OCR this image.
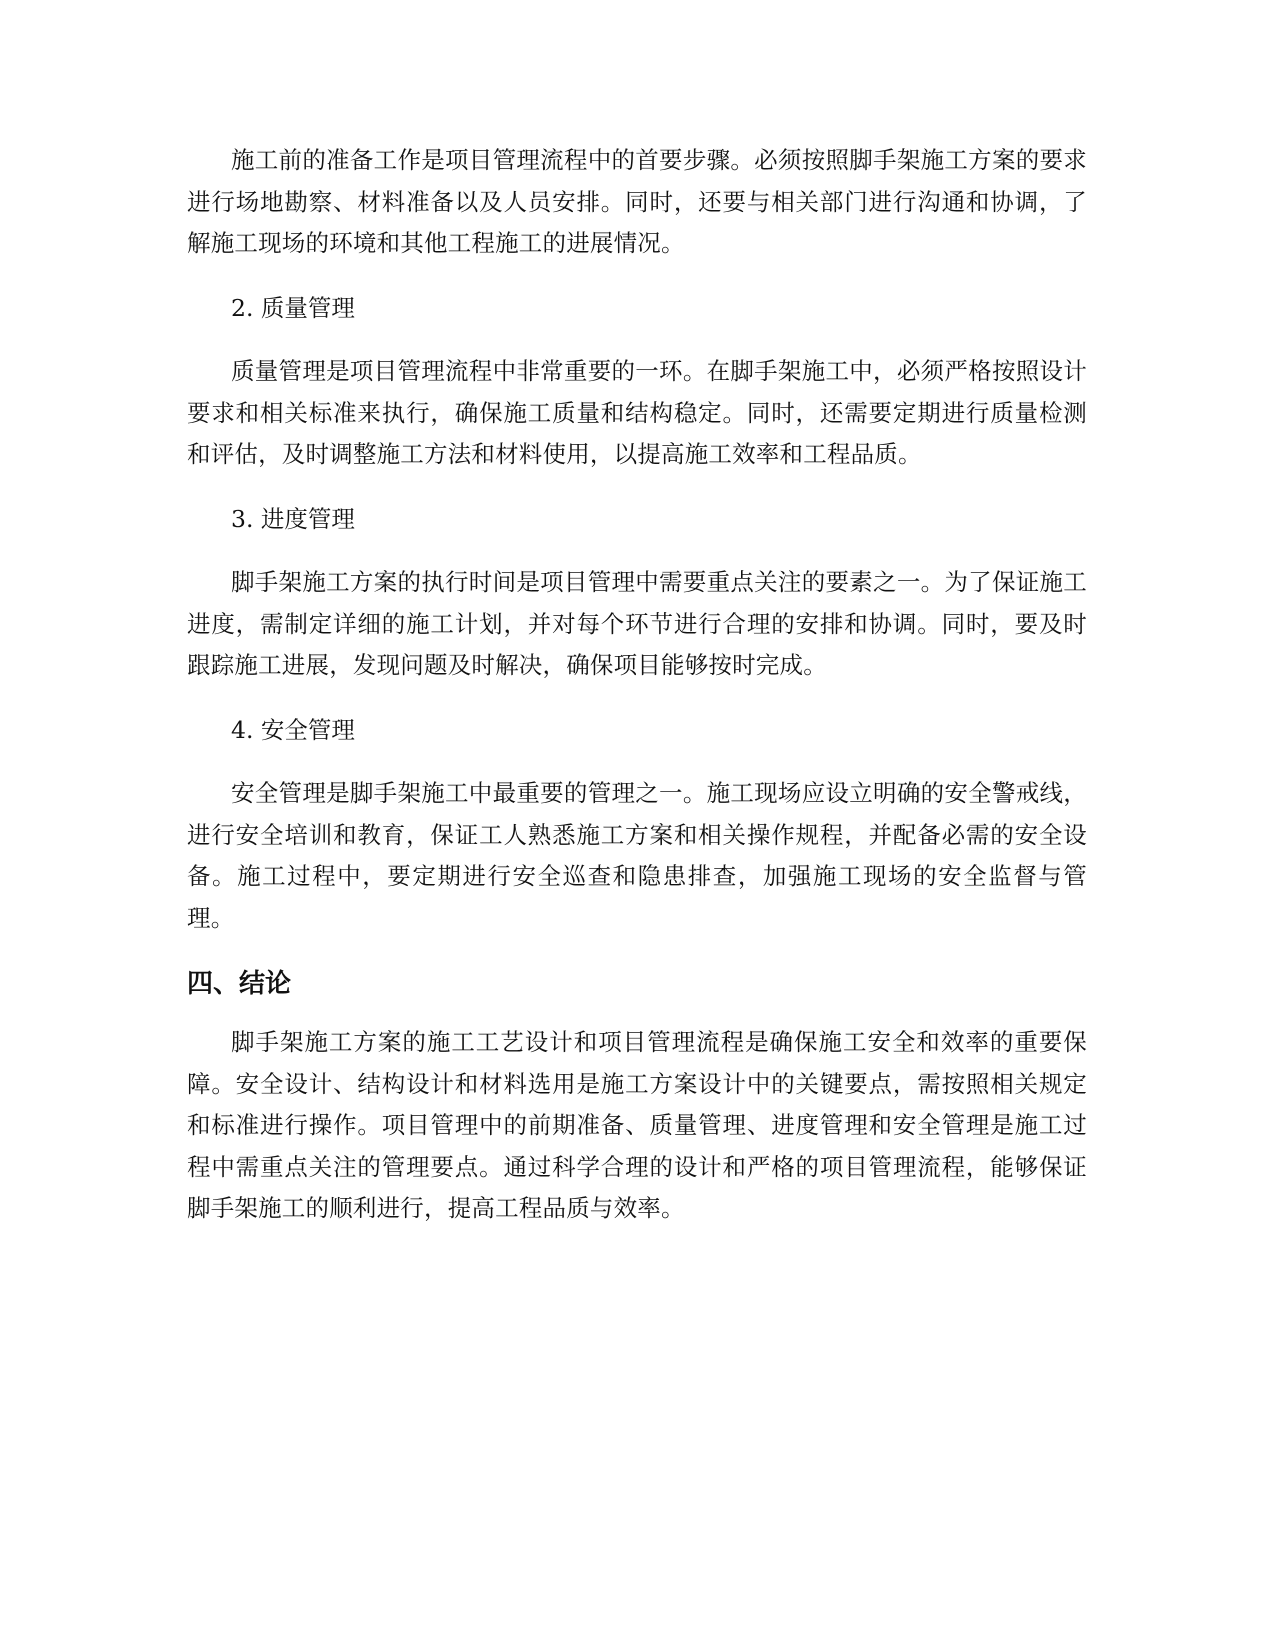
施工前的准备工作是项目管理流程中的首要步骤。必须按照脚手架施工方案的要求进行场地勘察、材料准备以及人员安排。同时，还要与相关部门进行沟通和协调，了解施工现场的环境和其他工程施工的进展情况。

2. 质量管理

质量管理是项目管理流程中非常重要的一环。在脚手架施工中，必须严格按照设计要求和相关标准来执行，确保施工质量和结构稳定。同时，还需要定期进行质量检测和评估，及时调整施工方法和材料使用，以提高施工效率和工程品质。

3. 进度管理

脚手架施工方案的执行时间是项目管理中需要重点关注的要素之一。为了保证施工进度，需制定详细的施工计划，并对每个环节进行合理的安排和协调。同时，要及时跟踪施工进展，发现问题及时解决，确保项目能够按时完成。

4. 安全管理

安全管理是脚手架施工中最重要的管理之一。施工现场应设立明确的安全警戒线，进行安全培训和教育，保证工人熟悉施工方案和相关操作规程，并配备必需的安全设备。施工过程中，要定期进行安全巡查和隐患排查，加强施工现场的安全监督与管理。

四、结论

脚手架施工方案的施工工艺设计和项目管理流程是确保施工安全和效率的重要保障。安全设计、结构设计和材料选用是施工方案设计中的关键要点，需按照相关规定和标准进行操作。项目管理中的前期准备、质量管理、进度管理和安全管理是施工过程中需重点关注的管理要点。通过科学合理的设计和严格的项目管理流程，能够保证脚手架施工的顺利进行，提高工程品质与效率。
